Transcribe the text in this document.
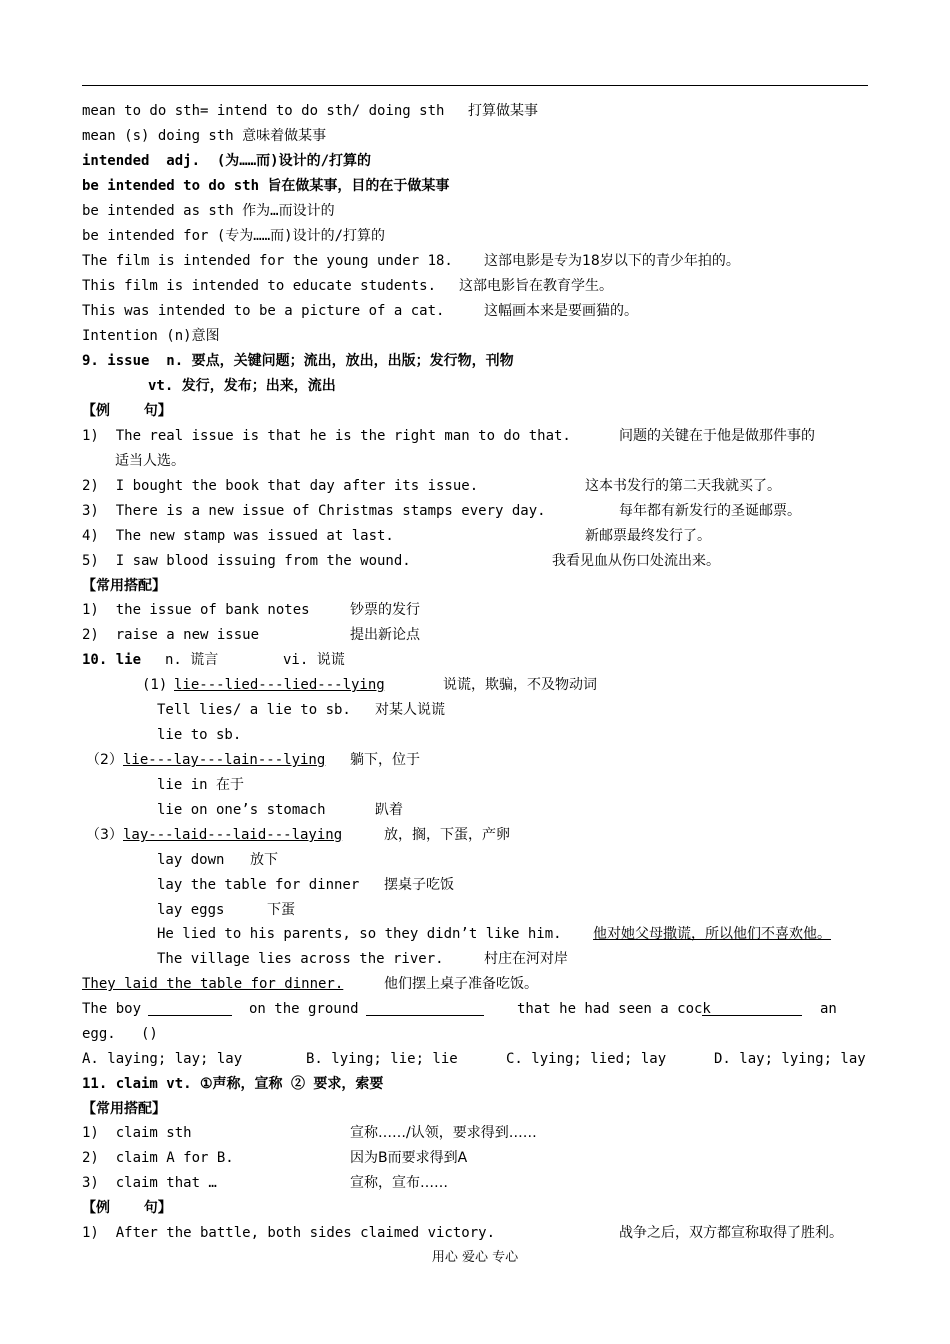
mean to do sth= intend to do sth/ doing sth

打算做某事

mean (s) doing sth 意味着做某事
intended  adj.  (为……而)设计的/打算的
be intended to do sth 旨在做某事，目的在于做某事
be intended as sth 作为…而设计的
be intended for (专为……而)设计的/打算的

The film is intended for the young under 18.

这部电影是专为18岁以下的青少年拍的。

This film is intended to educate students.

这部电影旨在教育学生。

This was intended to be a picture of a cat.

	这幅画本来是要画猫的。

Intention (n)意图
9. issue  n. 要点，关键问题；流出，放出，出版；发行物，刊物
vt. 发行，发布；出来，流出
【例    句】

1)  The real issue is that he is the right man to do that.

	问题的关键在于他是做那件事的

适当人选。

2)  I bought the book that day after its issue.

	这本书发行的第二天我就买了。

3)  There is a new issue of Christmas stamps every day.

	每年都有新发行的圣诞邮票。

4)  The new stamp was issued at last.

	新邮票最终发行了。

5)  I saw blood issuing from the wound.

	我看见血从伤口处流出来。

【常用搭配】

1)  the issue of bank notes

	钞票的发行

2)  raise a new issue

	提出新论点

10. lie

n. 谎言

	vi. 说谎

(1)

lie---lied---lied---lying

	说谎，欺骗，不及物动词

Tell lies/ a lie to sb.

对某人说谎

lie to sb.

（2）

lie---lay---lain---lying

躺下，位于

lie in 在于

lie on one’s stomach

	趴着

（3）

lay---laid---laid---laying

	放，搁，下蛋，产卵

lay down

放下

lay the table for dinner

摆桌子吃饭

lay eggs

	下蛋

He lied to his parents, so they didn’t like him.

他对她父母撒谎，所以他们不喜欢他。

The village lies across the river.

	村庄在河对岸

They laid the table for dinner.

	他们摆上桌子准备吃饭。

The boy

	on the ground

	that he had seen a cock

	an

egg.   ()

A. laying; lay; lay

	B. lying; lie; lie

	C. lying; lied; lay

	D. lay; lying; lay

11. claim vt. ①声称，宣称 ② 要求，索要
【常用搭配】

1)  claim sth

	宣称……/认领，要求得到……

2)  claim A for B.

	因为B而要求得到A

3)  claim that …

	宣称，宣布……

【例    句】

1)  After the battle, both sides claimed victory.

	战争之后，双方都宣称取得了胜利。

用心 爱心 专心
